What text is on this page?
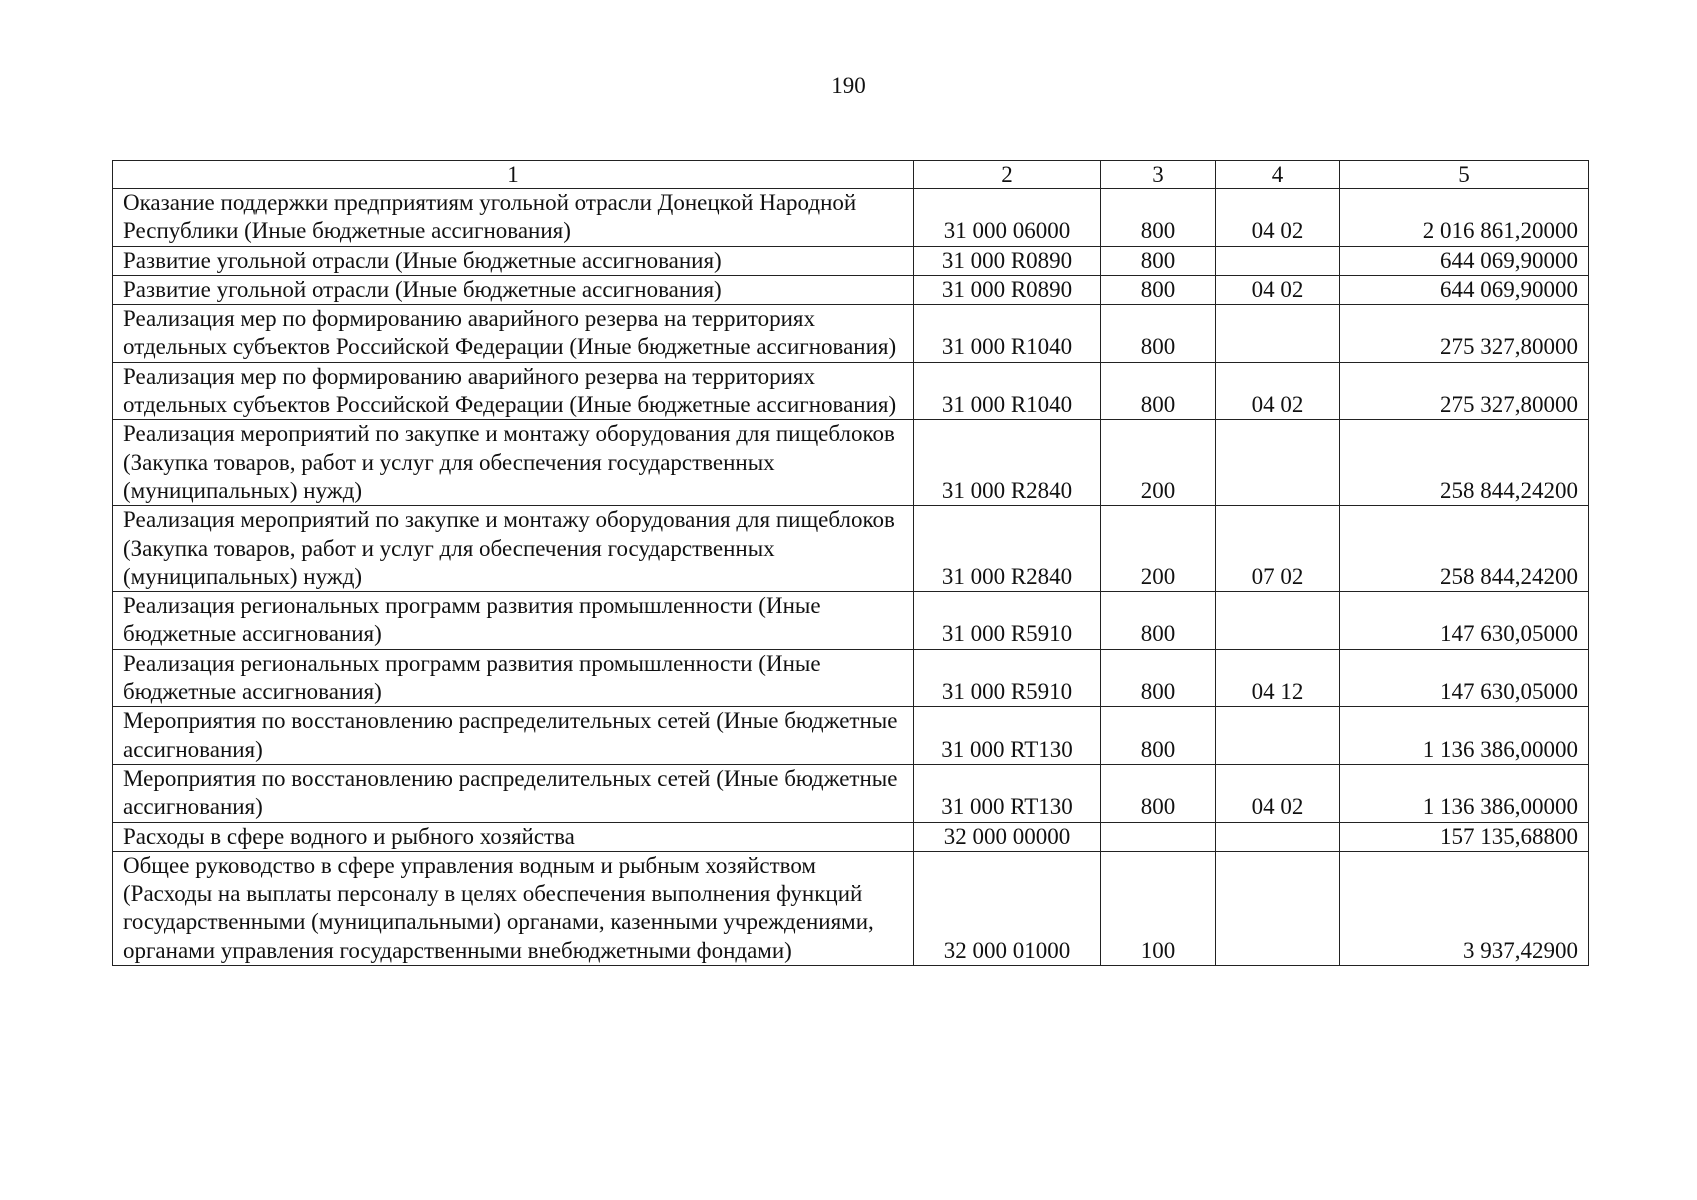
190
1	2	3	4	5
Оказание поддержки предприятиям угольной отрасли Донецкой Народной Республики (Иные бюджетные ассигнования)	31 000 06000	800	04 02	2 016 861,20000
Развитие угольной отрасли (Иные бюджетные ассигнования)	31 000 R0890	800		644 069,90000
Развитие угольной отрасли (Иные бюджетные ассигнования)	31 000 R0890	800	04 02	644 069,90000
Реализация мер по формированию аварийного резерва на территориях отдельных субъектов Российской Федерации (Иные бюджетные ассигнования)	31 000 R1040	800		275 327,80000
Реализация мер по формированию аварийного резерва на территориях отдельных субъектов Российской Федерации (Иные бюджетные ассигнования)	31 000 R1040	800	04 02	275 327,80000
Реализация мероприятий по закупке и монтажу оборудования для пищеблоков (Закупка товаров, работ и услуг для обеспечения государственных (муниципальных) нужд)	31 000 R2840	200		258 844,24200
Реализация мероприятий по закупке и монтажу оборудования для пищеблоков (Закупка товаров, работ и услуг для обеспечения государственных (муниципальных) нужд)	31 000 R2840	200	07 02	258 844,24200
Реализация региональных программ развития промышленности (Иные бюджетные ассигнования)	31 000 R5910	800		147 630,05000
Реализация региональных программ развития промышленности (Иные бюджетные ассигнования)	31 000 R5910	800	04 12	147 630,05000
Мероприятия по восстановлению распределительных сетей (Иные бюджетные ассигнования)	31 000 RT130	800		1 136 386,00000
Мероприятия по восстановлению распределительных сетей (Иные бюджетные ассигнования)	31 000 RT130	800	04 02	1 136 386,00000
Расходы в сфере водного и рыбного хозяйства	32 000 00000			157 135,68800
Общее руководство в сфере управления водным и рыбным хозяйством (Расходы на выплаты персоналу в целях обеспечения выполнения функций государственными (муниципальными) органами, казенными учреждениями, органами управления государственными внебюджетными фондами)	32 000 01000	100		3 937,42900
